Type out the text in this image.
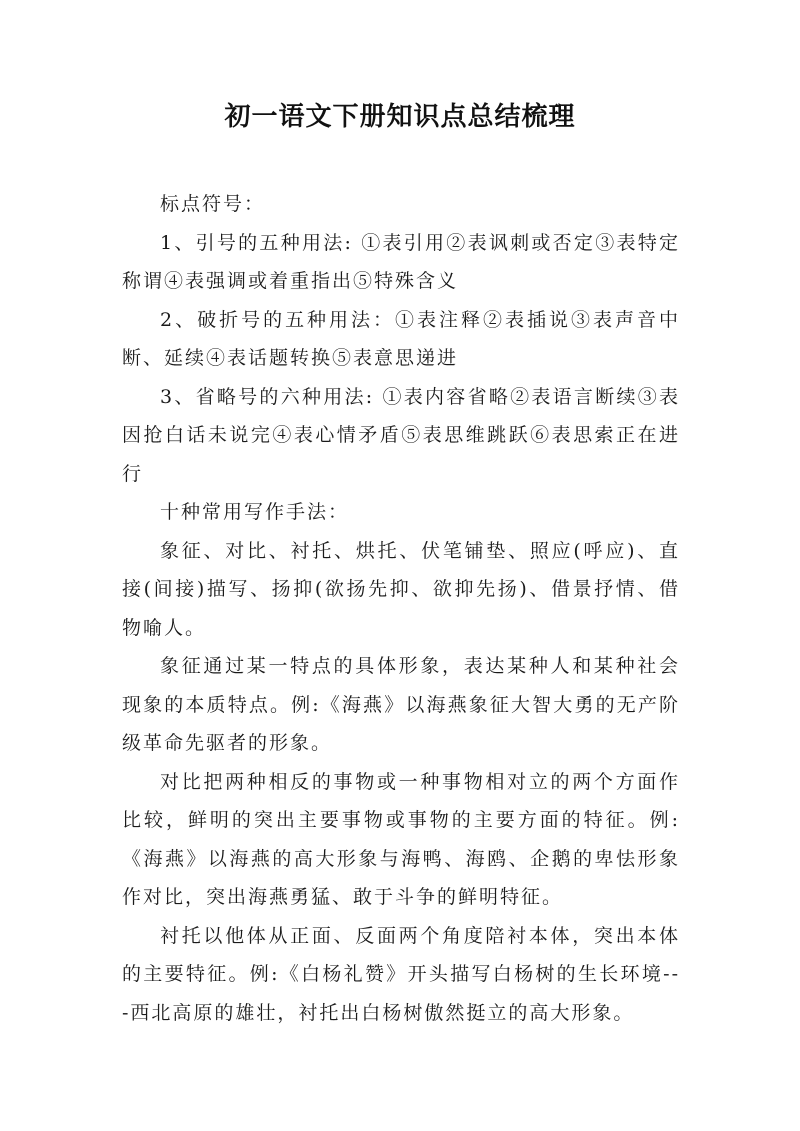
初一语文下册知识点总结梳理

标点符号：

1、引号的五种用法: ①表引用②表讽刺或否定③表特定称谓④表强调或着重指出⑤特殊含义

2、破折号的五种用法：①表注释②表插说③表声音中断、延续④表话题转换⑤表意思递进

3、省略号的六种用法: ①表内容省略②表语言断续③表因抢白话未说完④表心情矛盾⑤表思维跳跃⑥表思索正在进行

十种常用写作手法：

象征、对比、衬托、烘托、伏笔铺垫、照应(呼应)、直接(间接)描写、扬抑(欲扬先抑、欲抑先扬)、借景抒情、借物喻人。

象征通过某一特点的具体形象，表达某种人和某种社会现象的本质特点。例:《海燕》以海燕象征大智大勇的无产阶级革命先驱者的形象。

对比把两种相反的事物或一种事物相对立的两个方面作比较，鲜明的突出主要事物或事物的主要方面的特征。例:《海燕》以海燕的高大形象与海鸭、海鸥、企鹅的卑怯形象作对比，突出海燕勇猛、敢于斗争的鲜明特征。

衬托以他体从正面、反面两个角度陪衬本体，突出本体的主要特征。例:《白杨礼赞》开头描写白杨树的生长环境---西北高原的雄壮，衬托出白杨树傲然挺立的高大形象。
